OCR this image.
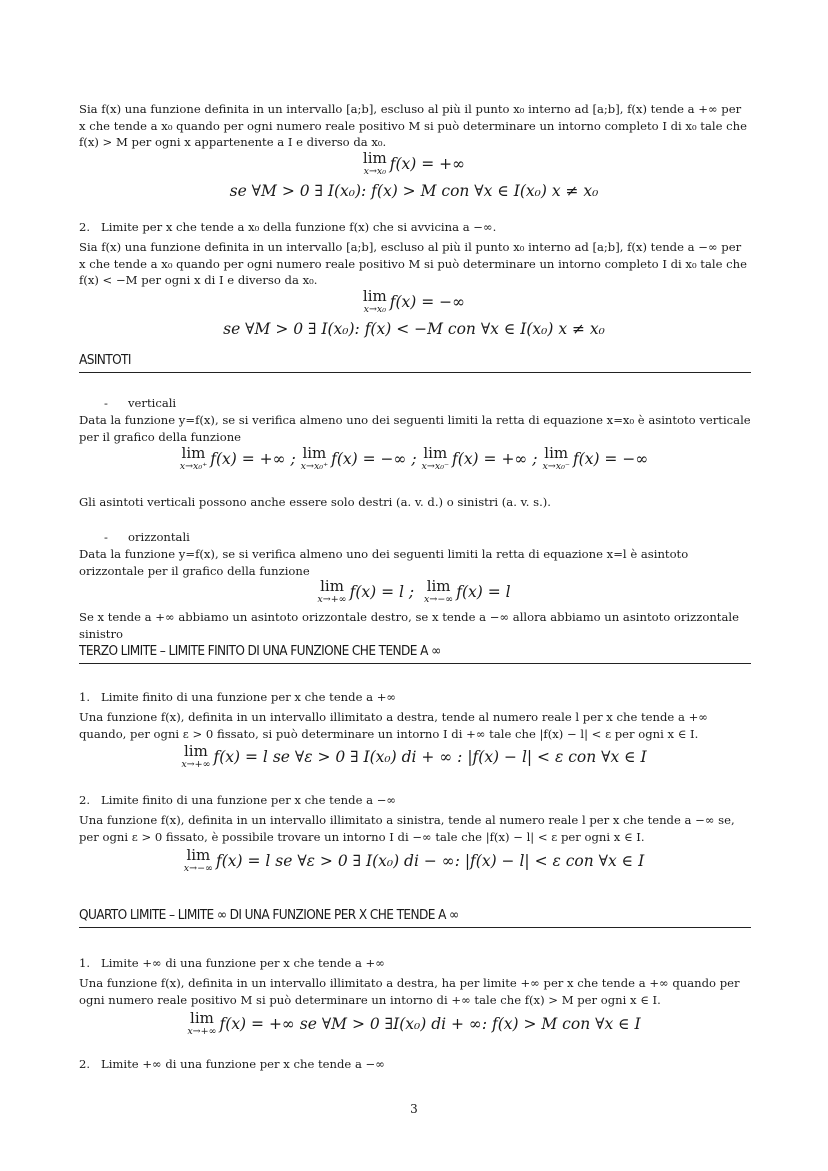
Sia f(x) una funzione definita in un intervallo [a;b], escluso al più il punto x₀ interno ad [a;b], f(x) tende a +∞ per x che tende a x₀ quando per ogni numero reale positivo M si può determinare un intorno completo I di x₀ tale che f(x) > M per ogni x appartenente a I e diverso da x₀.
lim
x→x₀ f(x) = +∞
se ∀M > 0 ∃ I(x₀): f(x) > M con ∀x ∈ I(x₀) x ≠ x₀
2. Limite per x che tende a x₀ della funzione f(x) che si avvicina a −∞.
Sia f(x) una funzione definita in un intervallo [a;b], escluso al più il punto x₀ interno ad [a;b], f(x) tende a −∞ per x che tende a x₀ quando per ogni numero reale positivo M si può determinare un intorno completo I di x₀ tale che f(x) < −M per ogni x di I e diverso da x₀.
lim
x→x₀ f(x) = −∞
se ∀M > 0 ∃ I(x₀): f(x) < −M con ∀x ∈ I(x₀) x ≠ x₀
ASINTOTI
- verticali
Data la funzione y=f(x), se si verifica almeno uno dei seguenti limiti la retta di equazione x=x₀ è asintoto verticale per il grafico della funzione
lim
x→x₀⁺ f(x) = +∞ ; lim
x→x₀⁺ f(x) = −∞ ; lim
x→x₀⁻ f(x) = +∞ ; lim
x→x₀⁻ f(x) = −∞
Gli asintoti verticali possono anche essere solo destri (a. v. d.) o sinistri (a. v. s.).
- orizzontali
Data la funzione y=f(x), se si verifica almeno uno dei seguenti limiti la retta di equazione x=l è asintoto orizzontale per il grafico della funzione
lim
x→+∞ f(x) = l ; lim
x→−∞ f(x) = l
Se x tende a +∞ abbiamo un asintoto orizzontale destro, se x tende a −∞ allora abbiamo un asintoto orizzontale sinistro
TERZO LIMITE – LIMITE FINITO DI UNA FUNZIONE CHE TENDE A ∞
1. Limite finito di una funzione per x che tende a +∞
Una funzione f(x), definita in un intervallo illimitato a destra, tende al numero reale l per x che tende a +∞ quando, per ogni ε > 0 fissato, si può determinare un intorno I di +∞ tale che |f(x) − l| < ε per ogni x ∈ I.
lim
x→+∞ f(x) = l se ∀ε > 0 ∃ I(x₀) di + ∞ : |f(x) − l| < ε con ∀x ∈ I
2. Limite finito di una funzione per x che tende a −∞
Una funzione f(x), definita in un intervallo illimitato a sinistra, tende al numero reale l per x che tende a −∞ se, per ogni ε > 0 fissato, è possibile trovare un intorno I di −∞ tale che |f(x) − l| < ε per ogni x ∈ I.
lim
x→−∞ f(x) = l se ∀ε > 0 ∃ I(x₀) di − ∞: |f(x) − l| < ε con ∀x ∈ I
QUARTO LIMITE – LIMITE ∞ DI UNA FUNZIONE PER X CHE TENDE A ∞
1. Limite +∞ di una funzione per x che tende a +∞
Una funzione f(x), definita in un intervallo illimitato a destra, ha per limite +∞ per x che tende a +∞ quando per ogni numero reale positivo M si può determinare un intorno di +∞ tale che f(x) > M per ogni x ∈ I.
lim
x→+∞ f(x) = +∞ se ∀M > 0 ∃I(x₀) di + ∞: f(x) > M con ∀x ∈ I
2. Limite +∞ di una funzione per x che tende a −∞
3
